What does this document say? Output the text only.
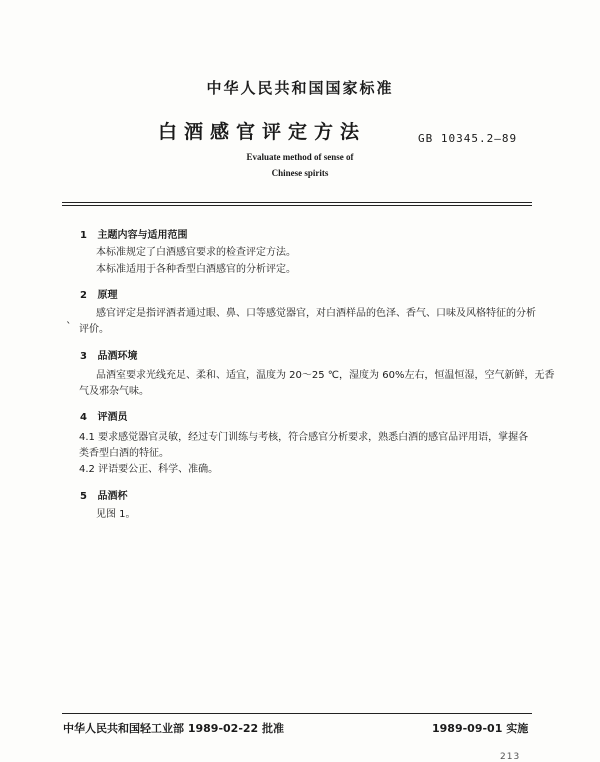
中华人民共和国国家标准
白酒感官评定方法	GB 10345.2—89
Evaluate method of sense of
Chinese spirits
1 主题内容与适用范围
本标准规定了白酒感官要求的检查评定方法。
本标准适用于各种香型白酒感官的分析评定。
2 原理
ˎ 感官评定是指评酒者通过眼、鼻、口等感觉器官，对白酒样品的色泽、香气、口味及风格特征的分析
评价。
3 品酒环境
品酒室要求光线充足、柔和、适宜，温度为 20～25 ℃，湿度为 60%左右，恒温恒湿，空气新鲜，无香
气及邪杂气味。
4 评酒员
4.1 要求感觉器官灵敏，经过专门训练与考核，符合感官分析要求，熟悉白酒的感官品评用语，掌握各
类香型白酒的特征。
4.2 评语要公正、科学、准确。
5 品酒杯
见图 1。
中华人民共和国轻工业部 1989-02-22 批准	1989-09-01 实施
213
